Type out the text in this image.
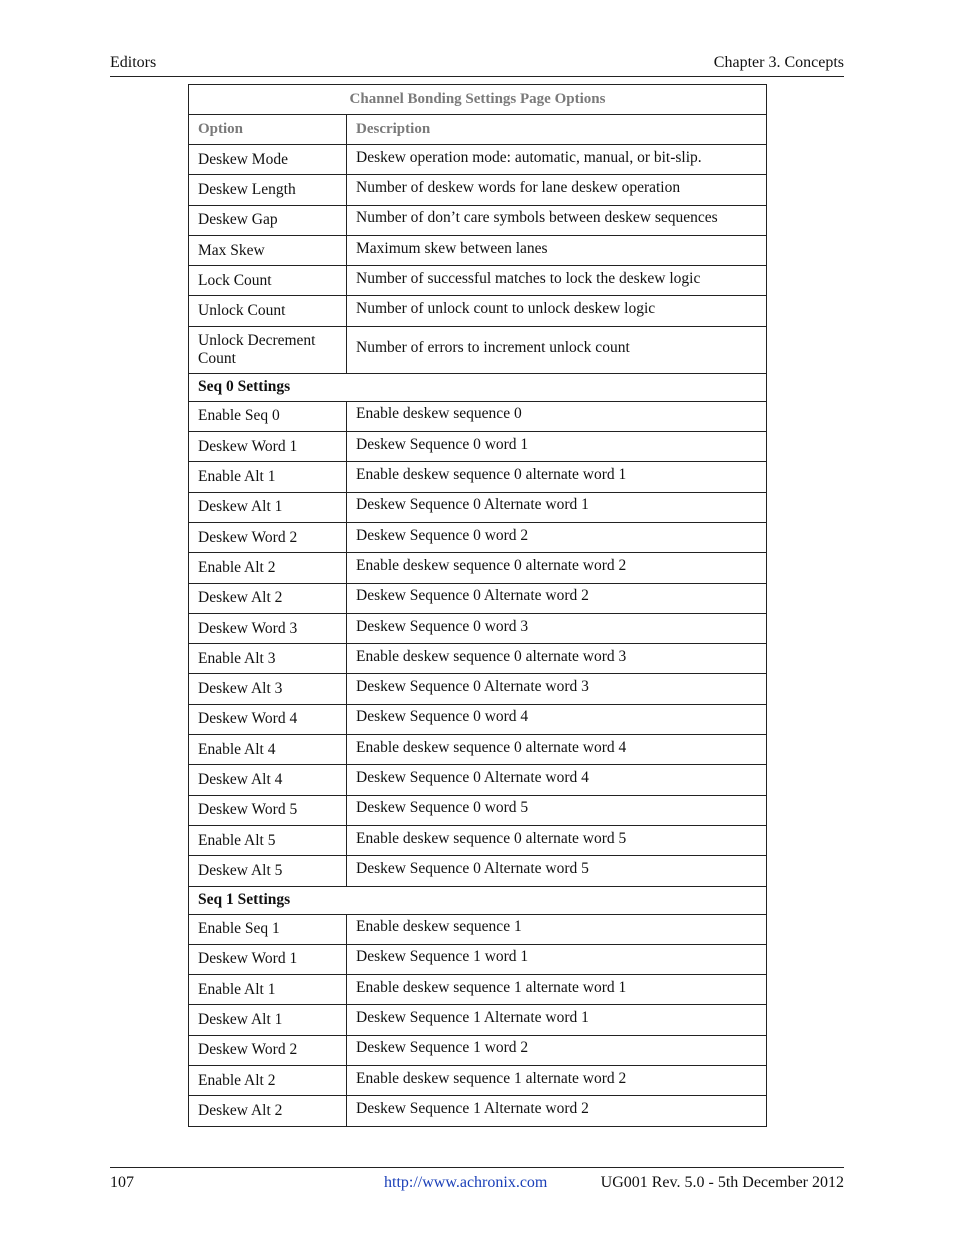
Editors	Chapter 3. Concepts
Channel Bonding Settings Page Options	
Option	Description
Deskew Mode	Deskew operation mode: automatic, manual, or bit-slip.
Deskew Length	Number of deskew words for lane deskew operation
Deskew Gap	Number of don’t care symbols between deskew sequences
Max Skew	Maximum skew between lanes
Lock Count	Number of successful matches to lock the deskew logic
Unlock Count	Number of unlock count to unlock deskew logic
Unlock Decrement Count	Number of errors to increment unlock count
Seq 0 Settings	
Enable Seq 0	Enable deskew sequence 0
Deskew Word 1	Deskew Sequence 0 word 1
Enable Alt 1	Enable deskew sequence 0 alternate word 1
Deskew Alt 1	Deskew Sequence 0 Alternate word 1
Deskew Word 2	Deskew Sequence 0 word 2
Enable Alt 2	Enable deskew sequence 0 alternate word 2
Deskew Alt 2	Deskew Sequence 0 Alternate word 2
Deskew Word 3	Deskew Sequence 0 word 3
Enable Alt 3	Enable deskew sequence 0 alternate word 3
Deskew Alt 3	Deskew Sequence 0 Alternate word 3
Deskew Word 4	Deskew Sequence 0 word 4
Enable Alt 4	Enable deskew sequence 0 alternate word 4
Deskew Alt 4	Deskew Sequence 0 Alternate word 4
Deskew Word 5	Deskew Sequence 0 word 5
Enable Alt 5	Enable deskew sequence 0 alternate word 5
Deskew Alt 5	Deskew Sequence 0 Alternate word 5
Seq 1 Settings	
Enable Seq 1	Enable deskew sequence 1
Deskew Word 1	Deskew Sequence 1 word 1
Enable Alt 1	Enable deskew sequence 1 alternate word 1
Deskew Alt 1	Deskew Sequence 1 Alternate word 1
Deskew Word 2	Deskew Sequence 1 word 2
Enable Alt 2	Enable deskew sequence 1 alternate word 2
Deskew Alt 2	Deskew Sequence 1 Alternate word 2
107	http://www.achronix.com	UG001 Rev. 5.0 - 5th December 2012
